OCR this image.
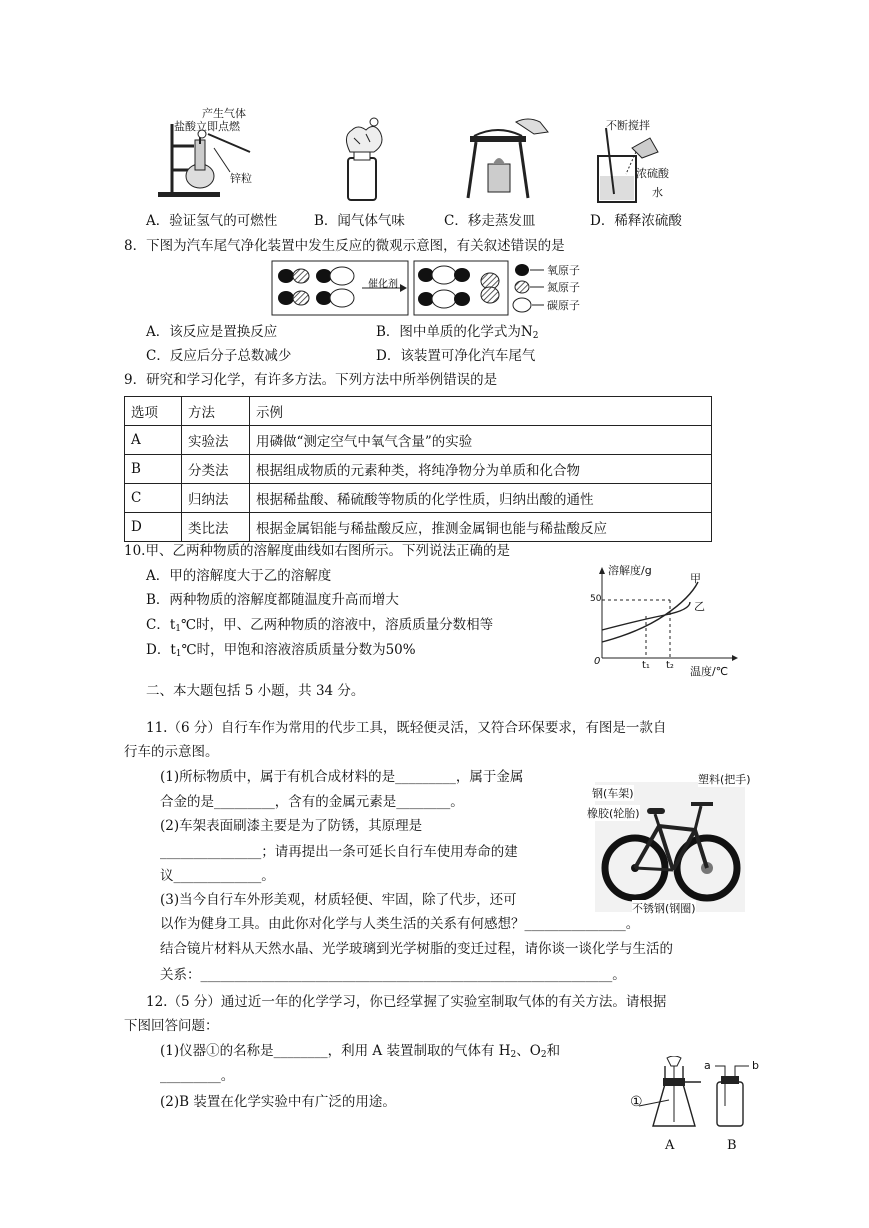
产生气体
盐酸立即点燃
锌粒
不断搅拌
浓硫酸
水
A．验证氢气的可燃性	B．闻气体气味	C．移走蒸发皿	D．稀释浓硫酸
8．下图为汽车尾气净化装置中发生反应的微观示意图，有关叙述错误的是
催化剂
氧原子
氮原子
碳原子
A．该反应是置换反应	B．图中单质的化学式为$N_2$
C．反应后分子总数减少	D．该装置可净化汽车尾气
9．研究和学习化学，有许多方法。下列方法中所举例错误的是
选项	方法	示例
A	实验法	用磷做“测定空气中氧气含量”的实验
B	分类法	根据组成物质的元素种类，将纯净物分为单质和化合物
C	归纳法	根据稀盐酸、稀硫酸等物质的化学性质，归纳出酸的通性
D	类比法	根据金属铝能与稀盐酸反应，推测金属铜也能与稀盐酸反应
10.甲、乙两种物质的溶解度曲线如右图所示。下列说法正确的是
A．甲的溶解度大于乙的溶解度
B．两种物质的溶解度都随温度升高而增大
C．$t_1℃$时，甲、乙两种物质的溶液中，溶质质量分数相等
D．$t_1℃$时，甲饱和溶液溶质质量分数为50%
溶解度/g
甲
乙
50
0	t₁ t₂ 温度/℃
二、本大题包括 5 小题，共 34 分。
11.（6 分）自行车作为常用的代步工具，既轻便灵活，又符合环保要求，有图是一款自
行车的示意图。
(1)所标物质中，属于有机合成材料的是_________，属于金属
合金的是_________，含有的金属元素是________。
(2)车架表面刷漆主要是为了防锈，其原理是
_______________；请再提出一条可延长自行车使用寿命的建
议_____________。
(3)当今自行车外形美观，材质轻便、牢固，除了代步，还可
以作为健身工具。由此你对化学与人类生活的关系有何感想？_______________。
结合镜片材料从天然水晶、光学玻璃到光学树脂的变迁过程，请你谈一谈化学与生活的
关系：_____________________________________________________________。
塑料(把手)
钢(车架)
橡胶(轮胎)
不锈钢(钢圈)
12.（5 分）通过近一年的化学学习，你已经掌握了实验室制取气体的有关方法。请根据
下图回答问题：
(1)仪器①的名称是________，利用 A 装置制取的气体有 $H_2$、$O_2$和
_________。
(2)B 装置在化学实验中有广泛的用途。	①
a	b
A	B
